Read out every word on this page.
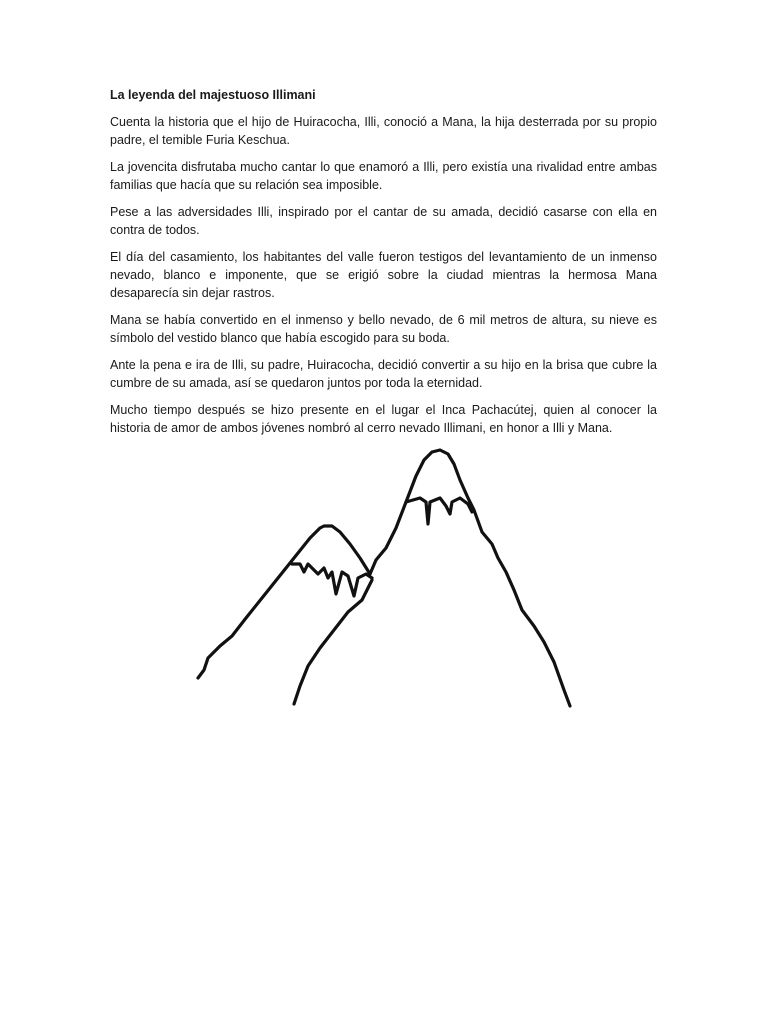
La leyenda del majestuoso Illimani

Cuenta la historia que el hijo de Huiracocha, Illi, conoció a Mana, la hija desterrada por su propio padre, el temible Furia Keschua.

La jovencita disfrutaba mucho cantar lo que enamoró a Illi, pero existía una rivalidad entre ambas familias que hacía que su relación sea imposible.

Pese a las adversidades Illi, inspirado por el cantar de su amada, decidió casarse con ella en contra de todos.

El día del casamiento, los habitantes del valle fueron testigos del levantamiento de un inmenso nevado, blanco e imponente, que se erigió sobre la ciudad mientras la hermosa Mana desaparecía sin dejar rastros.

Mana se había convertido en el inmenso y bello nevado, de 6 mil metros de altura, su nieve es símbolo del vestido blanco que había escogido para su boda.

Ante la pena e ira de Illi, su padre, Huiracocha, decidió convertir a su hijo en la brisa que cubre la cumbre de su amada, así se quedaron juntos por toda la eternidad.

Mucho tiempo después se hizo presente en el lugar el Inca Pachacútej, quien al conocer la historia de amor de ambos jóvenes nombró al cerro nevado Illimani, en honor a Illi y Mana.
